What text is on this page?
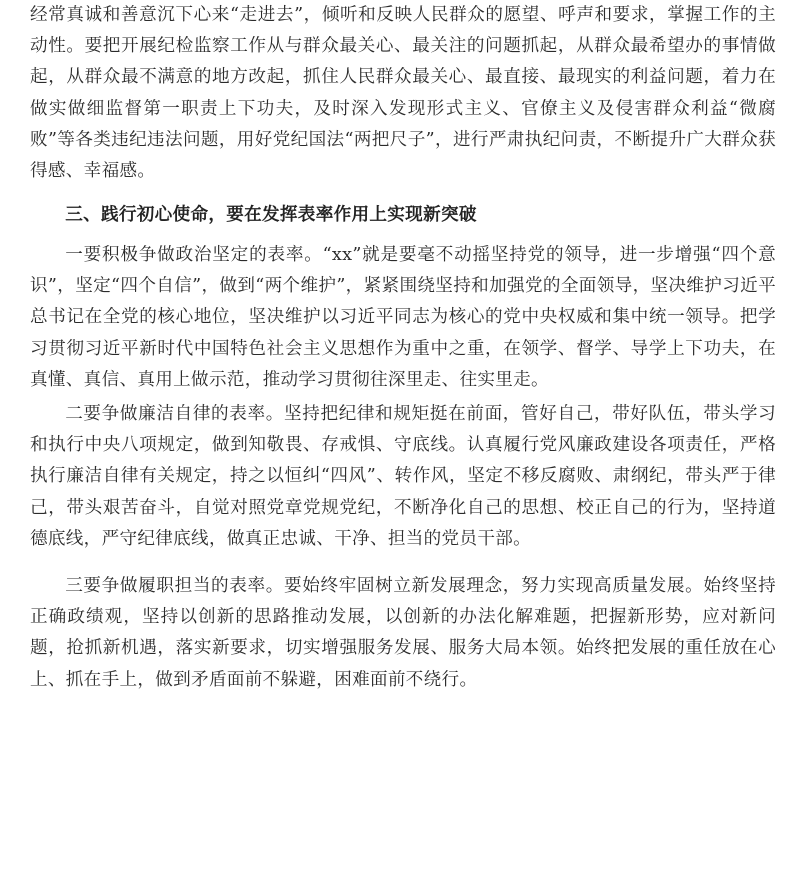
经常真诚和善意沉下心来“走进去”，倾听和反映人民群众的愿望、呼声和要求，掌握工作的主动性。要把开展纪检监察工作从与群众最关心、最关注的问题抓起，从群众最希望办的事情做起，从群众最不满意的地方改起，抓住人民群众最关心、最直接、最现实的利益问题，着力在做实做细监督第一职责上下功夫，及时深入发现形式主义、官僚主义及侵害群众利益“微腐败”等各类违纪违法问题，用好党纪国法“两把尺子”，进行严肃执纪问责，不断提升广大群众获得感、幸福感。

三、践行初心使命，要在发挥表率作用上实现新突破

一要积极争做政治坚定的表率。“xx”就是要毫不动摇坚持党的领导，进一步增强“四个意识”，坚定“四个自信”，做到“两个维护”，紧紧围绕坚持和加强党的全面领导，坚决维护习近平总书记在全党的核心地位，坚决维护以习近平同志为核心的党中央权威和集中统一领导。把学习贯彻习近平新时代中国特色社会主义思想作为重中之重，在领学、督学、导学上下功夫，在真懂、真信、真用上做示范，推动学习贯彻往深里走、往实里走。

二要争做廉洁自律的表率。坚持把纪律和规矩挺在前面，管好自己，带好队伍，带头学习和执行中央八项规定，做到知敬畏、存戒惧、守底线。认真履行党风廉政建设各项责任，严格执行廉洁自律有关规定，持之以恒纠“四风”、转作风，坚定不移反腐败、肃纲纪，带头严于律己，带头艰苦奋斗，自觉对照党章党规党纪，不断净化自己的思想、校正自己的行为，坚持道德底线，严守纪律底线，做真正忠诚、干净、担当的党员干部。

三要争做履职担当的表率。要始终牢固树立新发展理念，努力实现高质量发展。始终坚持正确政绩观，坚持以创新的思路推动发展，以创新的办法化解难题，把握新形势，应对新问题，抢抓新机遇，落实新要求，切实增强服务发展、服务大局本领。始终把发展的重任放在心上、抓在手上，做到矛盾面前不躲避，困难面前不绕行。
